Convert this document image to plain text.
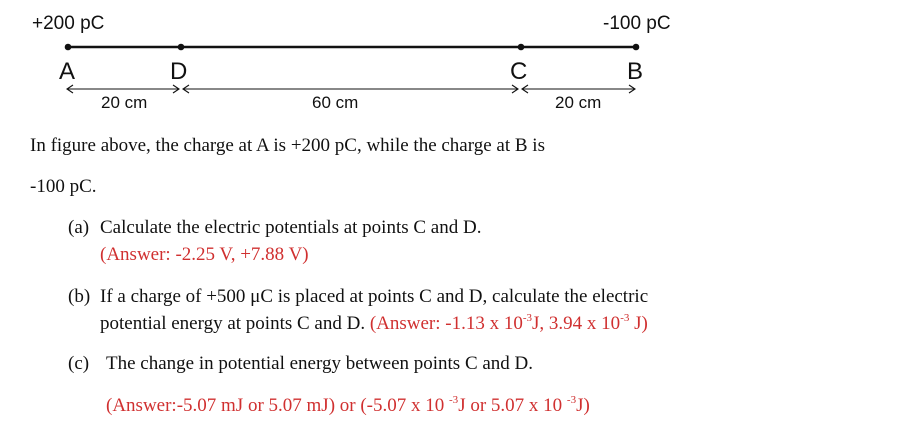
+200 pC	-100 pC
A	D	C	B
20 cm	60 cm	20 cm
In figure above, the charge at A is +200 pC, while the charge at B is
-100 pC.
(a) Calculate the electric potentials at points C and D.
(Answer: -2.25 V, +7.88 V)
(b) If a charge of +500 μC is placed at points C and D, calculate the electric
potential energy at points C and D. (Answer: -1.13 x $10^{-3}J$, 3.94 x $10^{-3}$ J)
(c) The change in potential energy between points C and D.
(Answer:-5.07 mJ or 5.07 mJ) or (-5.07 x 10 $^{-3}$J or 5.07 x 10 $^{-3}$J)
